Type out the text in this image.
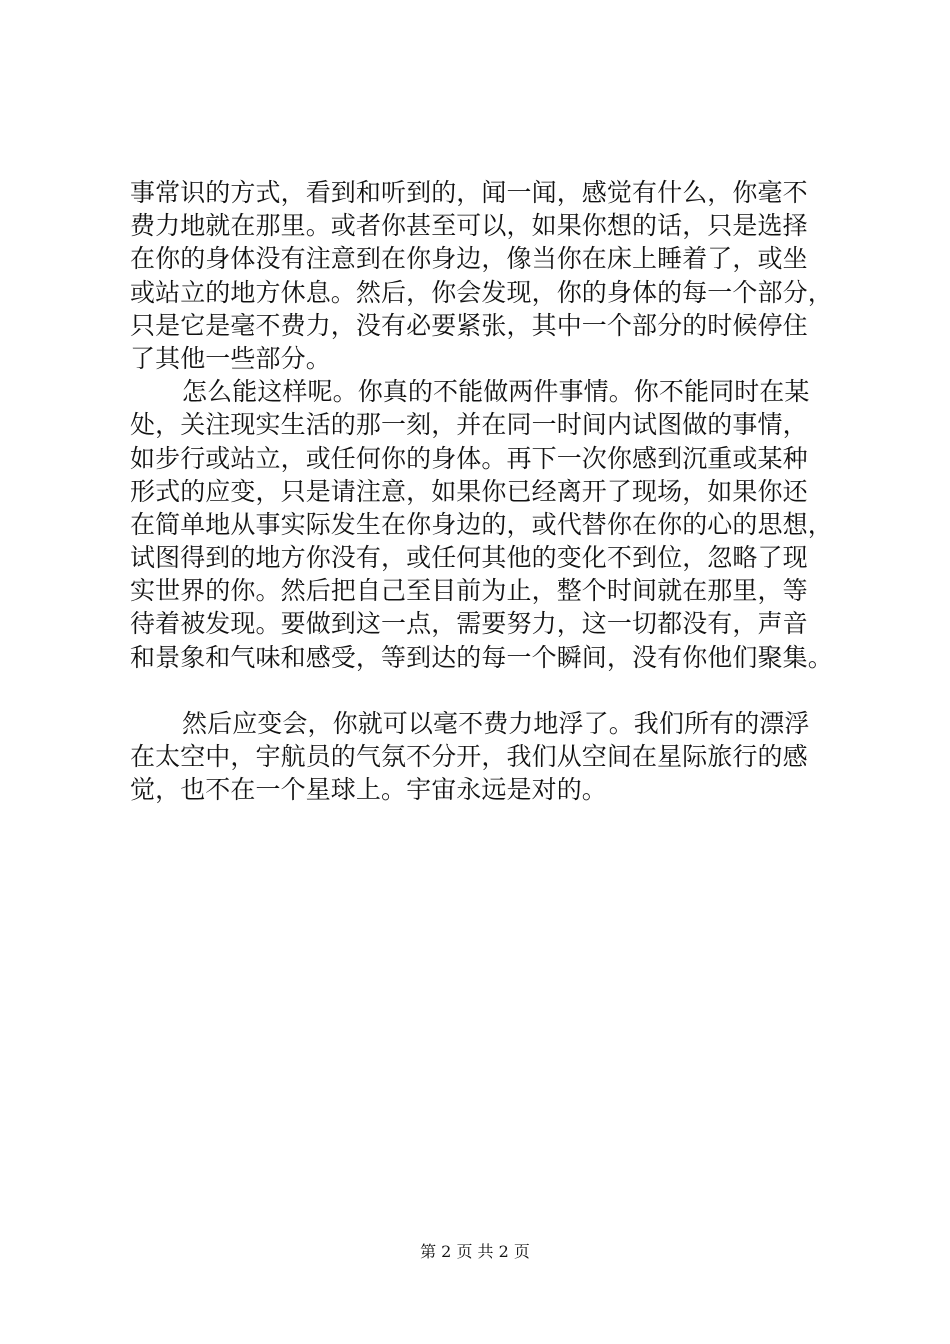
事常识的方式，看到和听到的，闻一闻，感觉有什么，你毫不
费力地就在那里。或者你甚至可以，如果你想的话，只是选择
在你的身体没有注意到在你身边，像当你在床上睡着了，或坐
或站立的地方休息。然后，你会发现，你的身体的每一个部分，
只是它是毫不费力，没有必要紧张，其中一个部分的时候停住
了其他一些部分。
怎么能这样呢。你真的不能做两件事情。你不能同时在某
处，关注现实生活的那一刻，并在同一时间内试图做的事情，
如步行或站立，或任何你的身体。再下一次你感到沉重或某种
形式的应变，只是请注意，如果你已经离开了现场，如果你还
在简单地从事实际发生在你身边的，或代替你在你的心的思想，
试图得到的地方你没有，或任何其他的变化不到位，忽略了现
实世界的你。然后把自己至目前为止，整个时间就在那里，等
待着被发现。要做到这一点，需要努力，这一切都没有，声音
和景象和气味和感受，等到达的每一个瞬间，没有你他们聚集。
然后应变会，你就可以毫不费力地浮了。我们所有的漂浮
在太空中，宇航员的气氛不分开，我们从空间在星际旅行的感
觉，也不在一个星球上。宇宙永远是对的。
第 2 页 共 2 页
